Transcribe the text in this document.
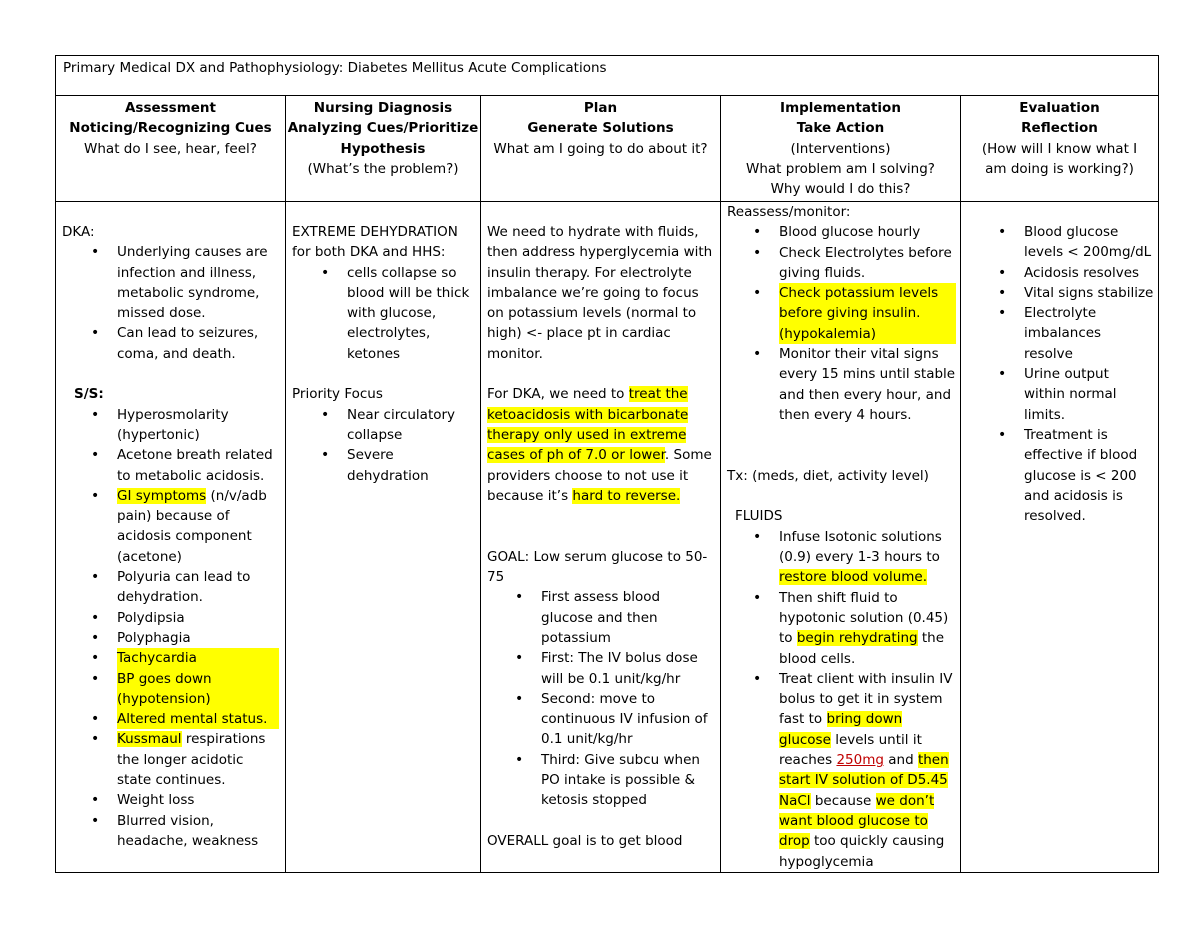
Primary Medical DX and Pathophysiology: Diabetes Mellitus Acute Complications
Assessment
Noticing/Recognizing Cues
What do I see, hear, feel?
Nursing Diagnosis
Analyzing Cues/Prioritize
Hypothesis
(What’s the problem?)
Plan
Generate Solutions
What am I going to do about it?
Implementation
Take Action
(Interventions)
What problem am I solving?
Why would I do this?
Evaluation
Reflection
(How will I know what I
am doing is working?)

DKA:

• Underlying causes are infection and illness, metabolic syndrome, missed dose.
• Can lead to seizures, coma, and death.

S/S:

• Hyperosmolarity (hypertonic)
• Acetone breath related to metabolic acidosis.
• GI symptoms (n/v/adb pain) because of acidosis component (acetone)
• Polyuria can lead to dehydration.
• Polydipsia
• Polyphagia
• Tachycardia
• BP goes down (hypotension)
• Altered mental status.
• Kussmaul respirations the longer acidotic state continues.
• Weight loss
• Blurred vision, headache, weakness

EXTREME DEHYDRATION for both DKA and HHS:

• cells collapse so blood will be thick with glucose, electrolytes, ketones

Priority Focus

• Near circulatory collapse
• Severe dehydration

We need to hydrate with fluids, then address hyperglycemia with insulin therapy. For electrolyte imbalance we’re going to focus on potassium levels (normal to high) <- place pt in cardiac monitor.

For DKA, we need to treat the ketoacidosis with bicarbonate therapy only used in extreme cases of ph of 7.0 or lower. Some providers choose to not use it because it’s hard to reverse.

GOAL: Low serum glucose to 50-75

• First assess blood glucose and then potassium
• First: The IV bolus dose will be 0.1 unit/kg/hr
• Second: move to continuous IV infusion of 0.1 unit/kg/hr
• Third: Give subcu when PO intake is possible & ketosis stopped

OVERALL goal is to get blood

Reassess/monitor:

• Blood glucose hourly
• Check Electrolytes before giving fluids.
• Check potassium levels before giving insulin. (hypokalemia)
• Monitor their vital signs every 15 mins until stable and then every hour, and then every 4 hours.

Tx: (meds, diet, activity level)

FLUIDS

• Infuse Isotonic solutions (0.9) every 1-3 hours to restore blood volume.
• Then shift fluid to hypotonic solution (0.45) to begin rehydrating the blood cells.
• Treat client with insulin IV bolus to get it in system fast to bring down glucose levels until it reaches 250mg and then start IV solution of D5.45 NaCl because we don’t want blood glucose to drop too quickly causing hypoglycemia
• Blood glucose levels < 200mg/dL
• Acidosis resolves
• Vital signs stabilize
• Electrolyte imbalances resolve
• Urine output within normal limits.
• Treatment is effective if blood glucose is < 200 and acidosis is resolved.
